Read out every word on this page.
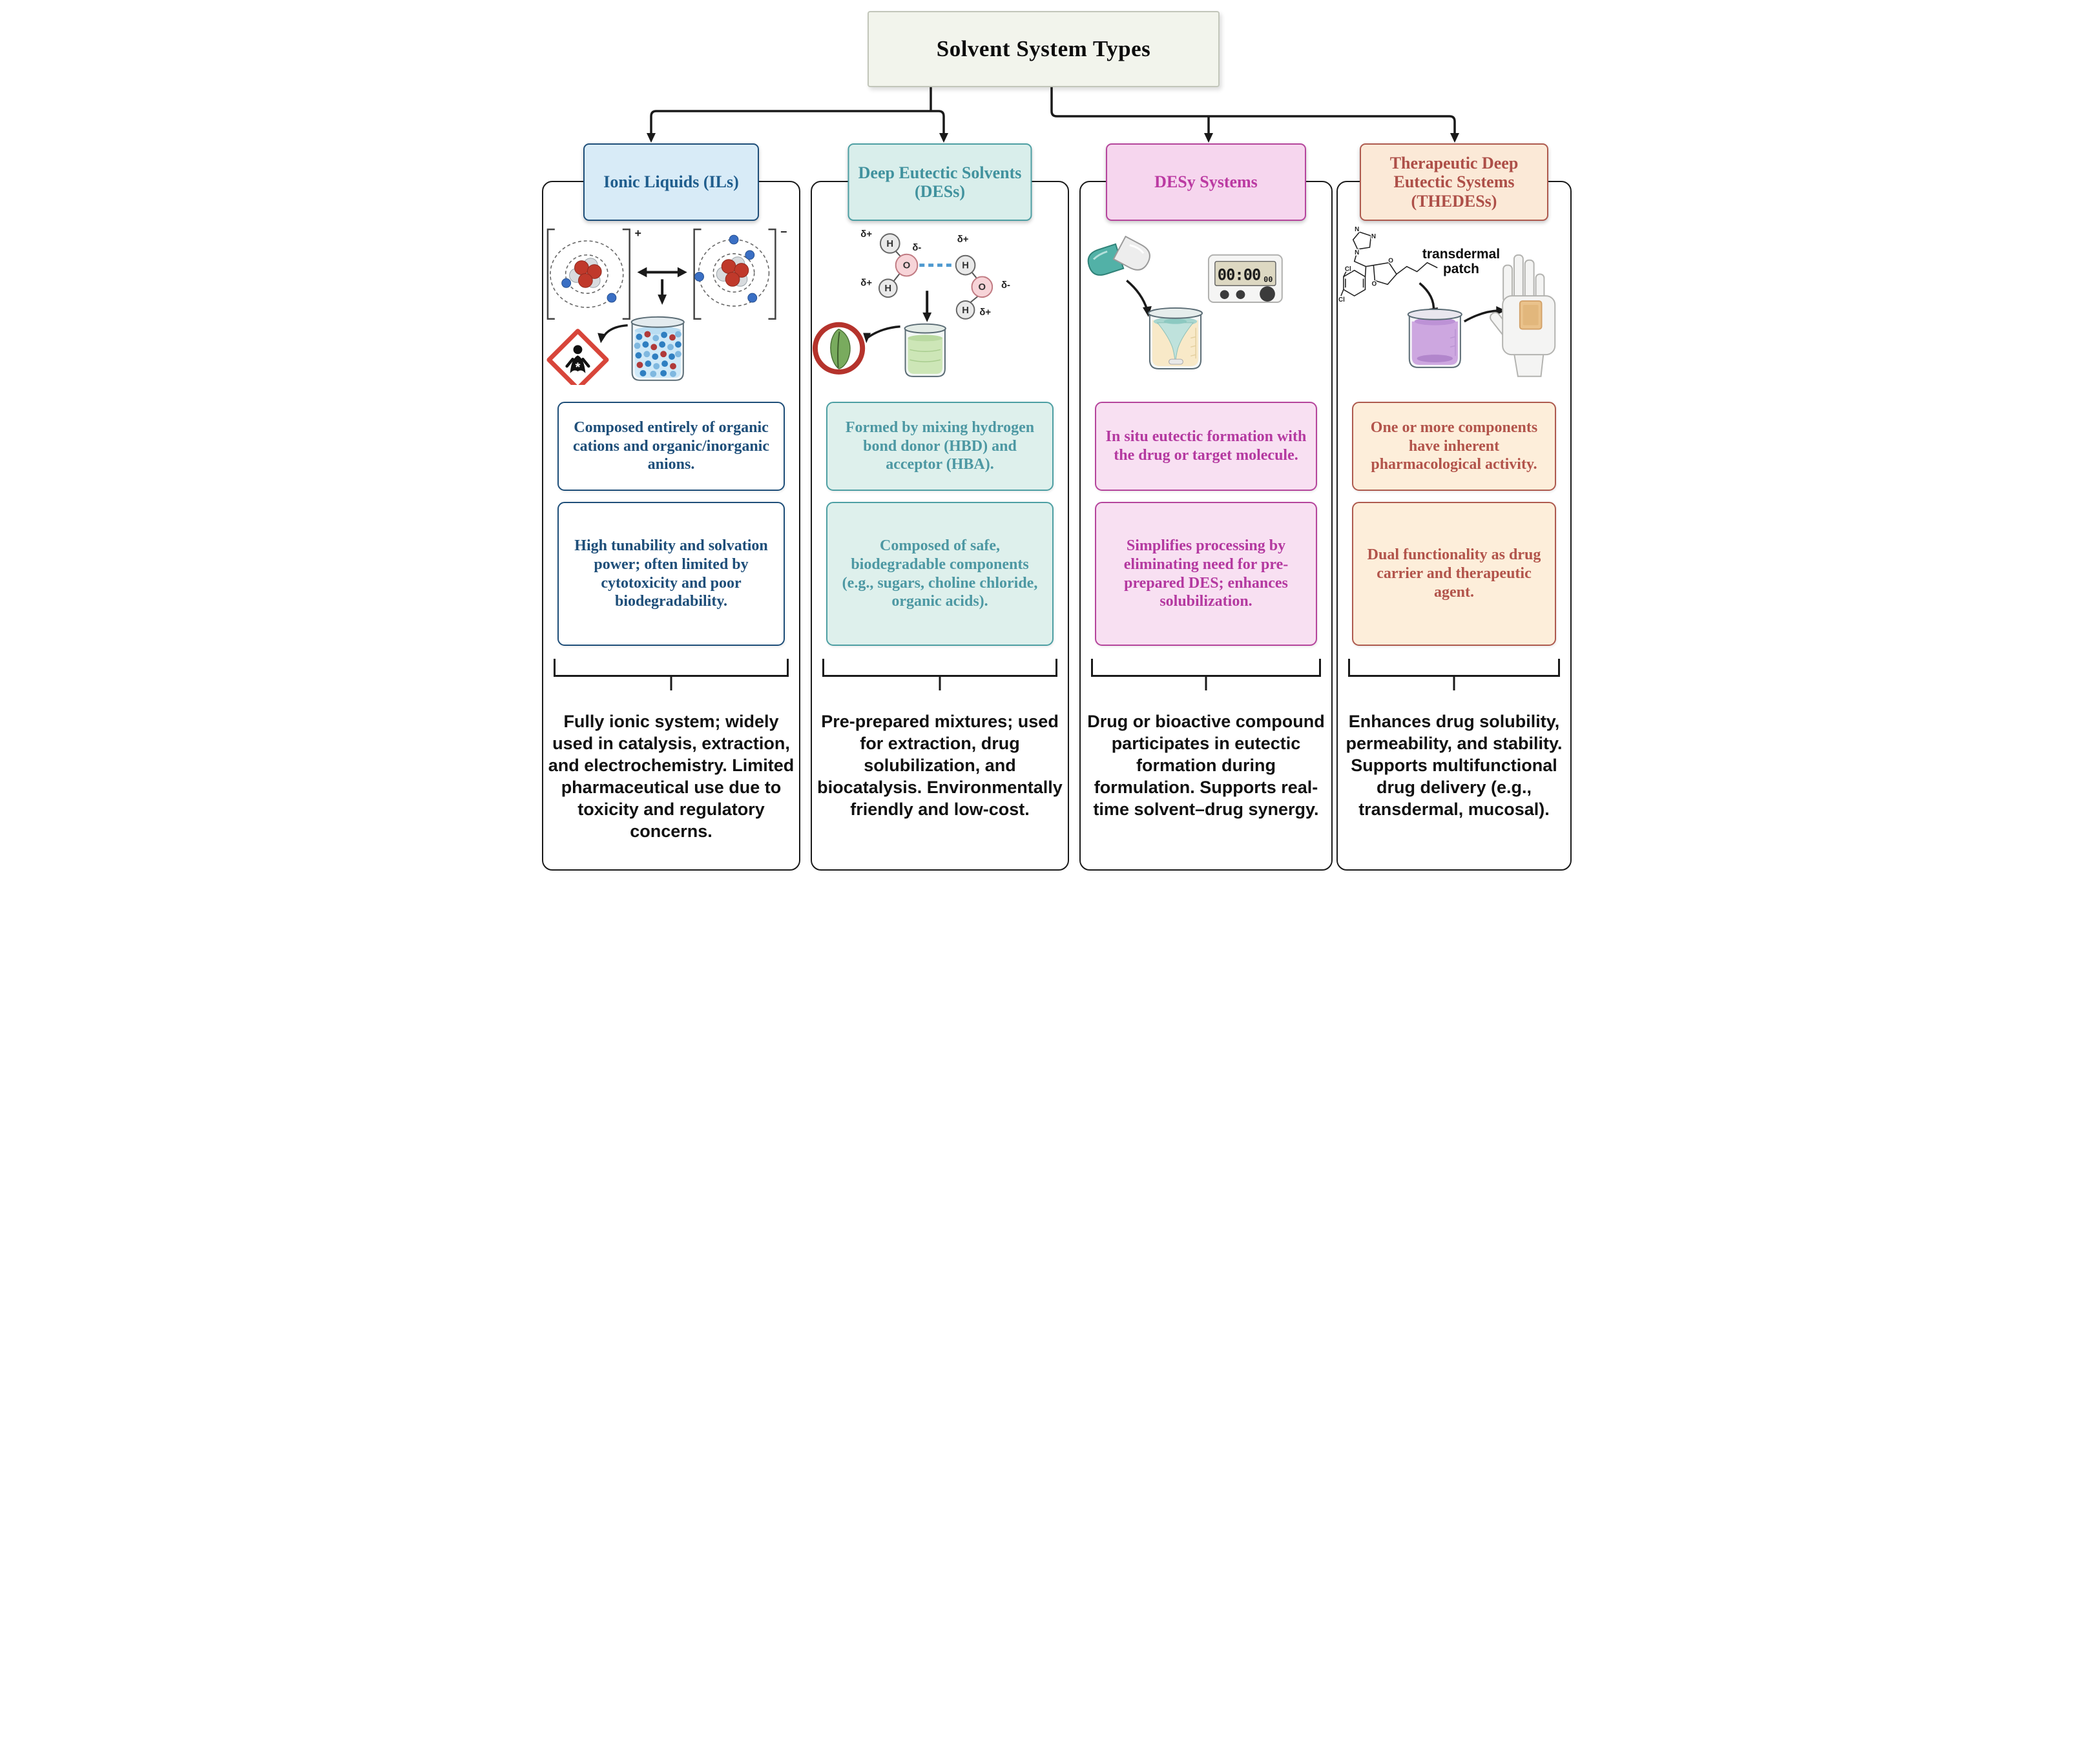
Solvent System Types
Ionic Liquids (ILs)
+	−
*
Composed entirely of organic cations and organic/inorganic anions.
High tunability and solvation power; often limited by cytotoxicity and poor biodegradability.
Fully ionic system; widely used in catalysis, extraction, and electrochemistry. Limited pharmaceutical use due to toxicity and regulatory concerns.
Deep Eutectic Solvents (DESs)
H
H
O
δ+
δ+
δ-
H
O
H
δ+
δ-
δ+
Formed by mixing hydrogen bond donor (HBD) and acceptor (HBA).
Composed of safe, biodegradable components (e.g., sugars, choline chloride, organic acids).
Pre-prepared mixtures; used for extraction, drug solubilization, and biocatalysis. Environmentally friendly and low-cost.
DESy Systems
00:00 00
In situ eutectic formation with the drug or target molecule.
Simplifies processing by eliminating need for pre-prepared DES; enhances solubilization.
Drug or bioactive compound participates in eutectic formation during formulation. Supports real-time solvent–drug synergy.
Therapeutic Deep Eutectic Systems (THEDESs)
N
N
N
Cl
Cl
O
O
transdermal patch
One or more components have inherent pharmacological activity.
Dual functionality as drug carrier and therapeutic agent.
Enhances drug solubility, permeability, and stability. Supports multifunctional drug delivery (e.g., transdermal, mucosal).
